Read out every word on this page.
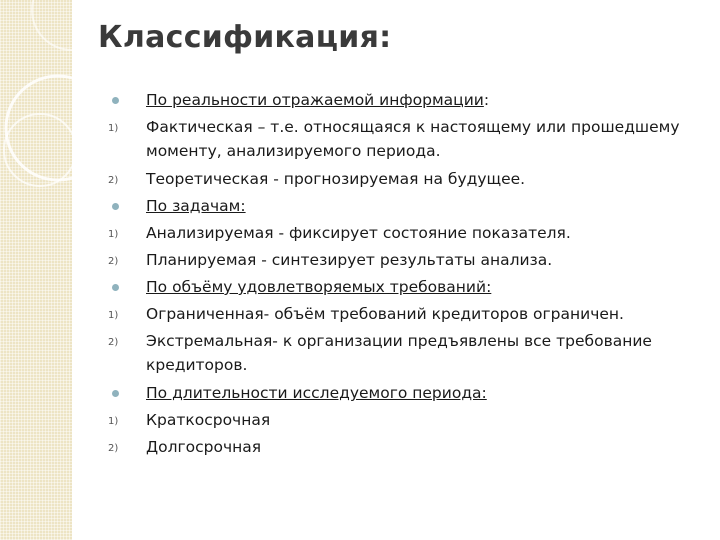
Классификация:
По реальности отражаемой информации:
1) Фактическая – т.е. относящаяся к настоящему или прошедшему моменту, анализируемого периода.
2) Теоретическая - прогнозируемая на будущее.
По задачам:
1) Анализируемая - фиксирует состояние показателя.
2) Планируемая - синтезирует результаты анализа.
По объёму удовлетворяемых требований:
1) Ограниченная- объём требований кредиторов ограничен.
2) Экстремальная- к организации предъявлены все требование кредиторов.
По длительности исследуемого периода:
1) Краткосрочная
2) Долгосрочная
